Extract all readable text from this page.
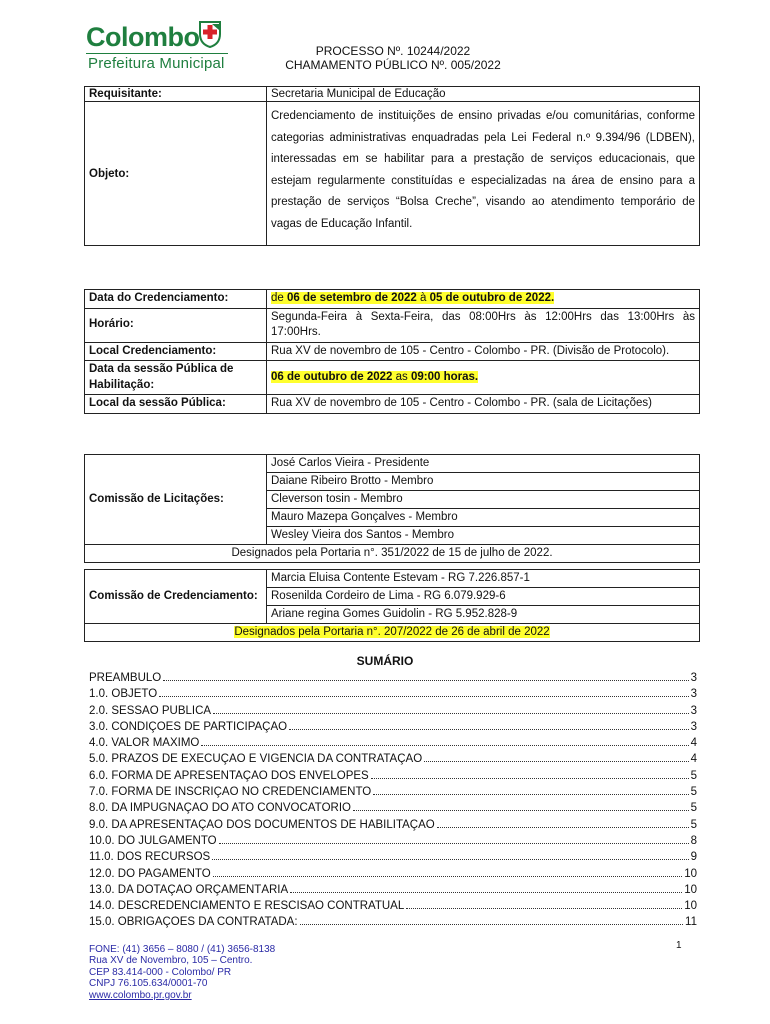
Colombo
Prefeitura Municipal
PROCESSO Nº. 10244/2022
CHAMAMENTO PÚBLICO Nº. 005/2022
Requisitante:	Secretaria Municipal de Educação
Objeto:	Credenciamento de instituições de ensino privadas e/ou comunitárias, conforme categorias administrativas enquadradas pela Lei Federal n.º 9.394/96 (LDBEN), interessadas em se habilitar para a prestação de serviços educacionais, que estejam regularmente constituídas e especializadas na área de ensino para a prestação de serviços “Bolsa Creche”, visando ao atendimento temporário de vagas de Educação Infantil.
Data do Credenciamento:	de 06 de setembro de 2022 à 05 de outubro de 2022.
Horário:	Segunda-Feira à Sexta-Feira, das 08:00Hrs às 12:00Hrs das 13:00Hrs às 17:00Hrs.
Local Credenciamento:	Rua XV de novembro de 105 - Centro - Colombo - PR. (Divisão de Protocolo).
Data da sessão Pública de Habilitação:	06 de outubro de 2022 as 09:00 horas.
Local da sessão Pública:	Rua XV de novembro de 105 - Centro - Colombo - PR. (sala de Licitações)
Comissão de Licitações:	José Carlos Vieira - Presidente
Daiane Ribeiro Brotto - Membro
Cleverson tosin - Membro
Mauro Mazepa Gonçalves - Membro
Wesley Vieira dos Santos - Membro
Designados pela Portaria n°. 351/2022 de 15 de julho de 2022.
Comissão de Credenciamento:	Marcia Eluisa Contente Estevam - RG 7.226.857-1
Rosenilda Cordeiro de Lima - RG 6.079.929-6
Ariane regina Gomes Guidolin - RG 5.952.828-9
Designados pela Portaria n°. 207/2022 de 26 de abril de 2022
SUMÁRIO
PREÂMBULO	3
1.0. OBJETO	3
2.0. SESSÃO PÚBLICA	3
3.0. CONDIÇÕES DE PARTICIPAÇÃO	3
4.0. VALOR MÁXIMO	4
5.0. PRAZOS DE EXECUÇÃO E VIGÊNCIA DA CONTRATAÇÃO	4
6.0. FORMA DE APRESENTAÇÃO DOS ENVELOPES	5
7.0. FORMA DE INSCRIÇÃO NO CREDENCIAMENTO	5
8.0. DA IMPUGNAÇÃO DO ATO CONVOCATÓRIO	5
9.0. DA APRESENTAÇÃO DOS DOCUMENTOS DE HABILITAÇÃO	5
10.0. DO JULGAMENTO	8
11.0. DOS RECURSOS	9
12.0. DO PAGAMENTO	10
13.0. DA DOTAÇÃO ORÇAMENTÁRIA	10
14.0. DESCREDENCIAMENTO E RESCISÃO CONTRATUAL	10
15.0. OBRIGAÇÕES DA CONTRATADA:	11
FONE: (41) 3656 – 8080 / (41) 3656-8138
Rua XV de Novembro, 105 – Centro.
CEP 83.414-000 - Colombo/ PR
CNPJ 76.105.634/0001-70
www.colombo.pr.gov.br
1
